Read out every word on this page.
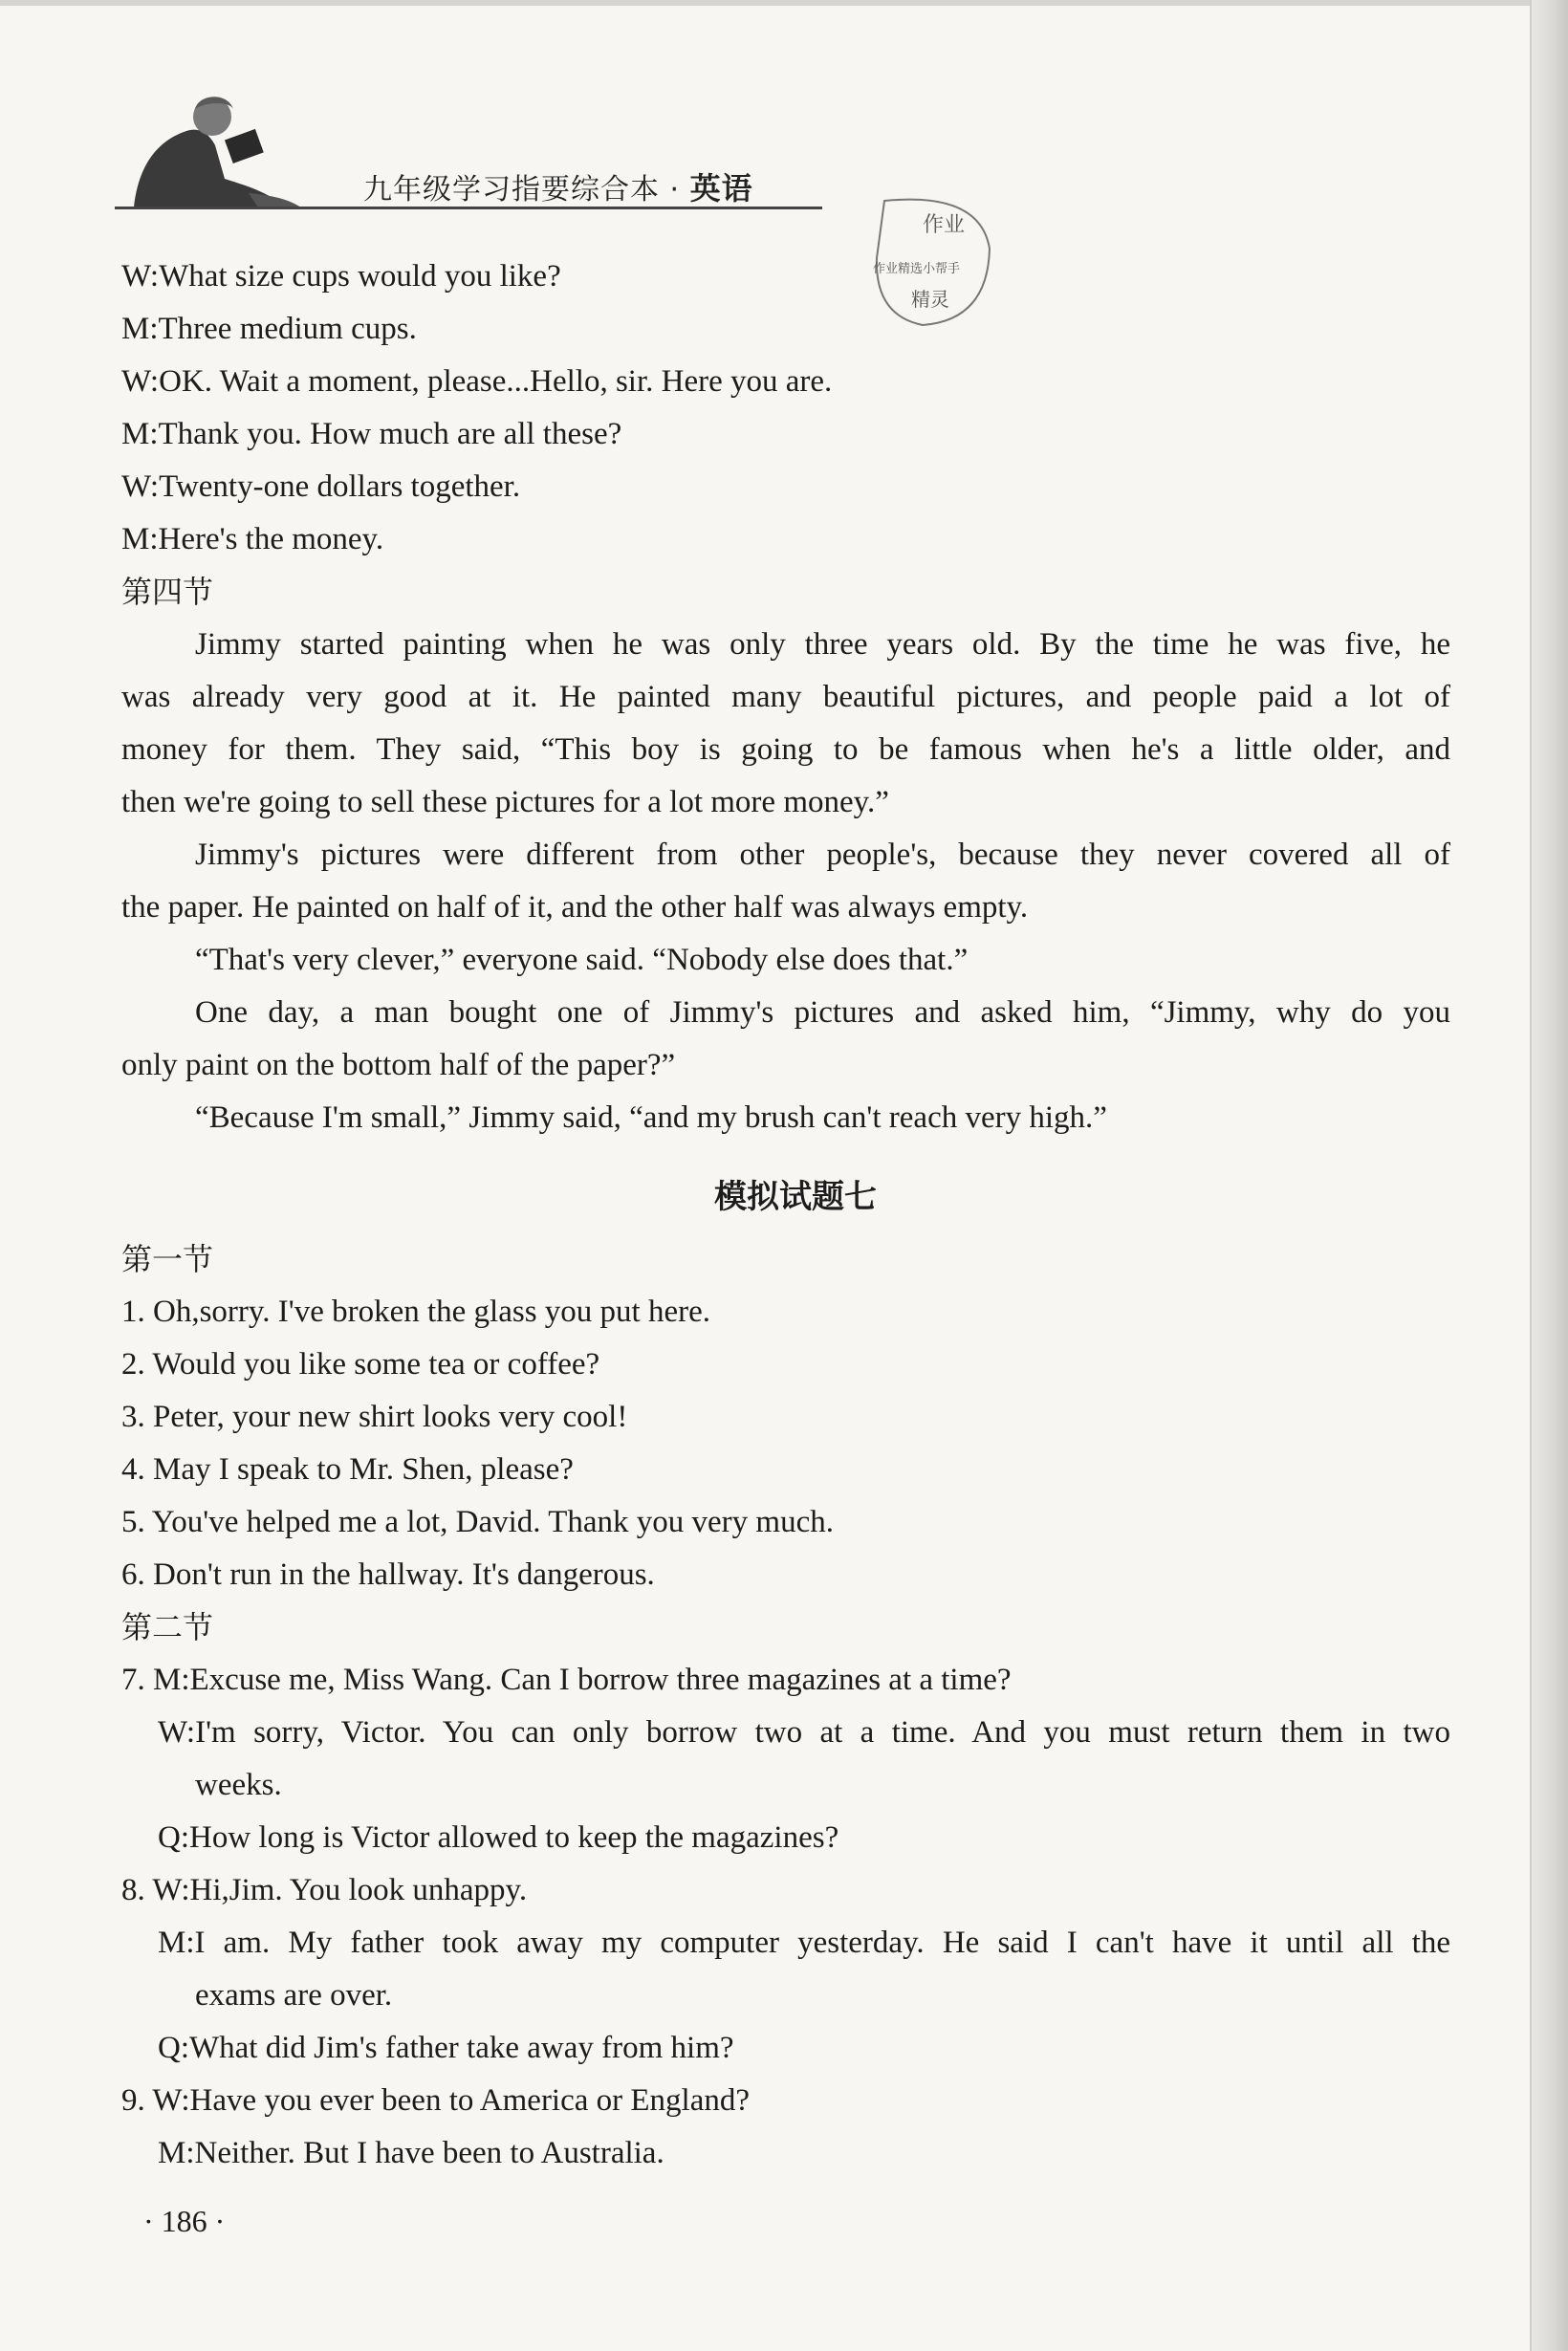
九年级学习指要综合本 · 英语
作业
作业精选小帮手
精灵
W:What size cups would you like?
M:Three medium cups.
W:OK. Wait a moment, please...Hello, sir. Here you are.
M:Thank you. How much are all these?
W:Twenty-one dollars together.
M:Here's the money.
第四节
Jimmy started painting when he was only three years old. By the time he was five, he
was already very good at it. He painted many beautiful pictures, and people paid a lot of
money for them. They said, “This boy is going to be famous when he's a little older, and
then we're going to sell these pictures for a lot more money.”
Jimmy's pictures were different from other people's, because they never covered all of
the paper. He painted on half of it, and the other half was always empty.
“That's very clever,” everyone said. “Nobody else does that.”
One day, a man bought one of Jimmy's pictures and asked him, “Jimmy, why do you
only paint on the bottom half of the paper?”
“Because I'm small,” Jimmy said, “and my brush can't reach very high.”
模拟试题七
第一节
1. Oh,sorry. I've broken the glass you put here.
2. Would you like some tea or coffee?
3. Peter, your new shirt looks very cool!
4. May I speak to Mr. Shen, please?
5. You've helped me a lot, David. Thank you very much.
6. Don't run in the hallway. It's dangerous.
第二节
7. M:Excuse me, Miss Wang. Can I borrow three magazines at a time?
W:I'm sorry, Victor. You can only borrow two at a time. And you must return them in two
weeks.
Q:How long is Victor allowed to keep the magazines?
8. W:Hi,Jim. You look unhappy.
M:I am. My father took away my computer yesterday. He said I can't have it until all the
exams are over.
Q:What did Jim's father take away from him?
9. W:Have you ever been to America or England?
M:Neither. But I have been to Australia.
· 186 ·
